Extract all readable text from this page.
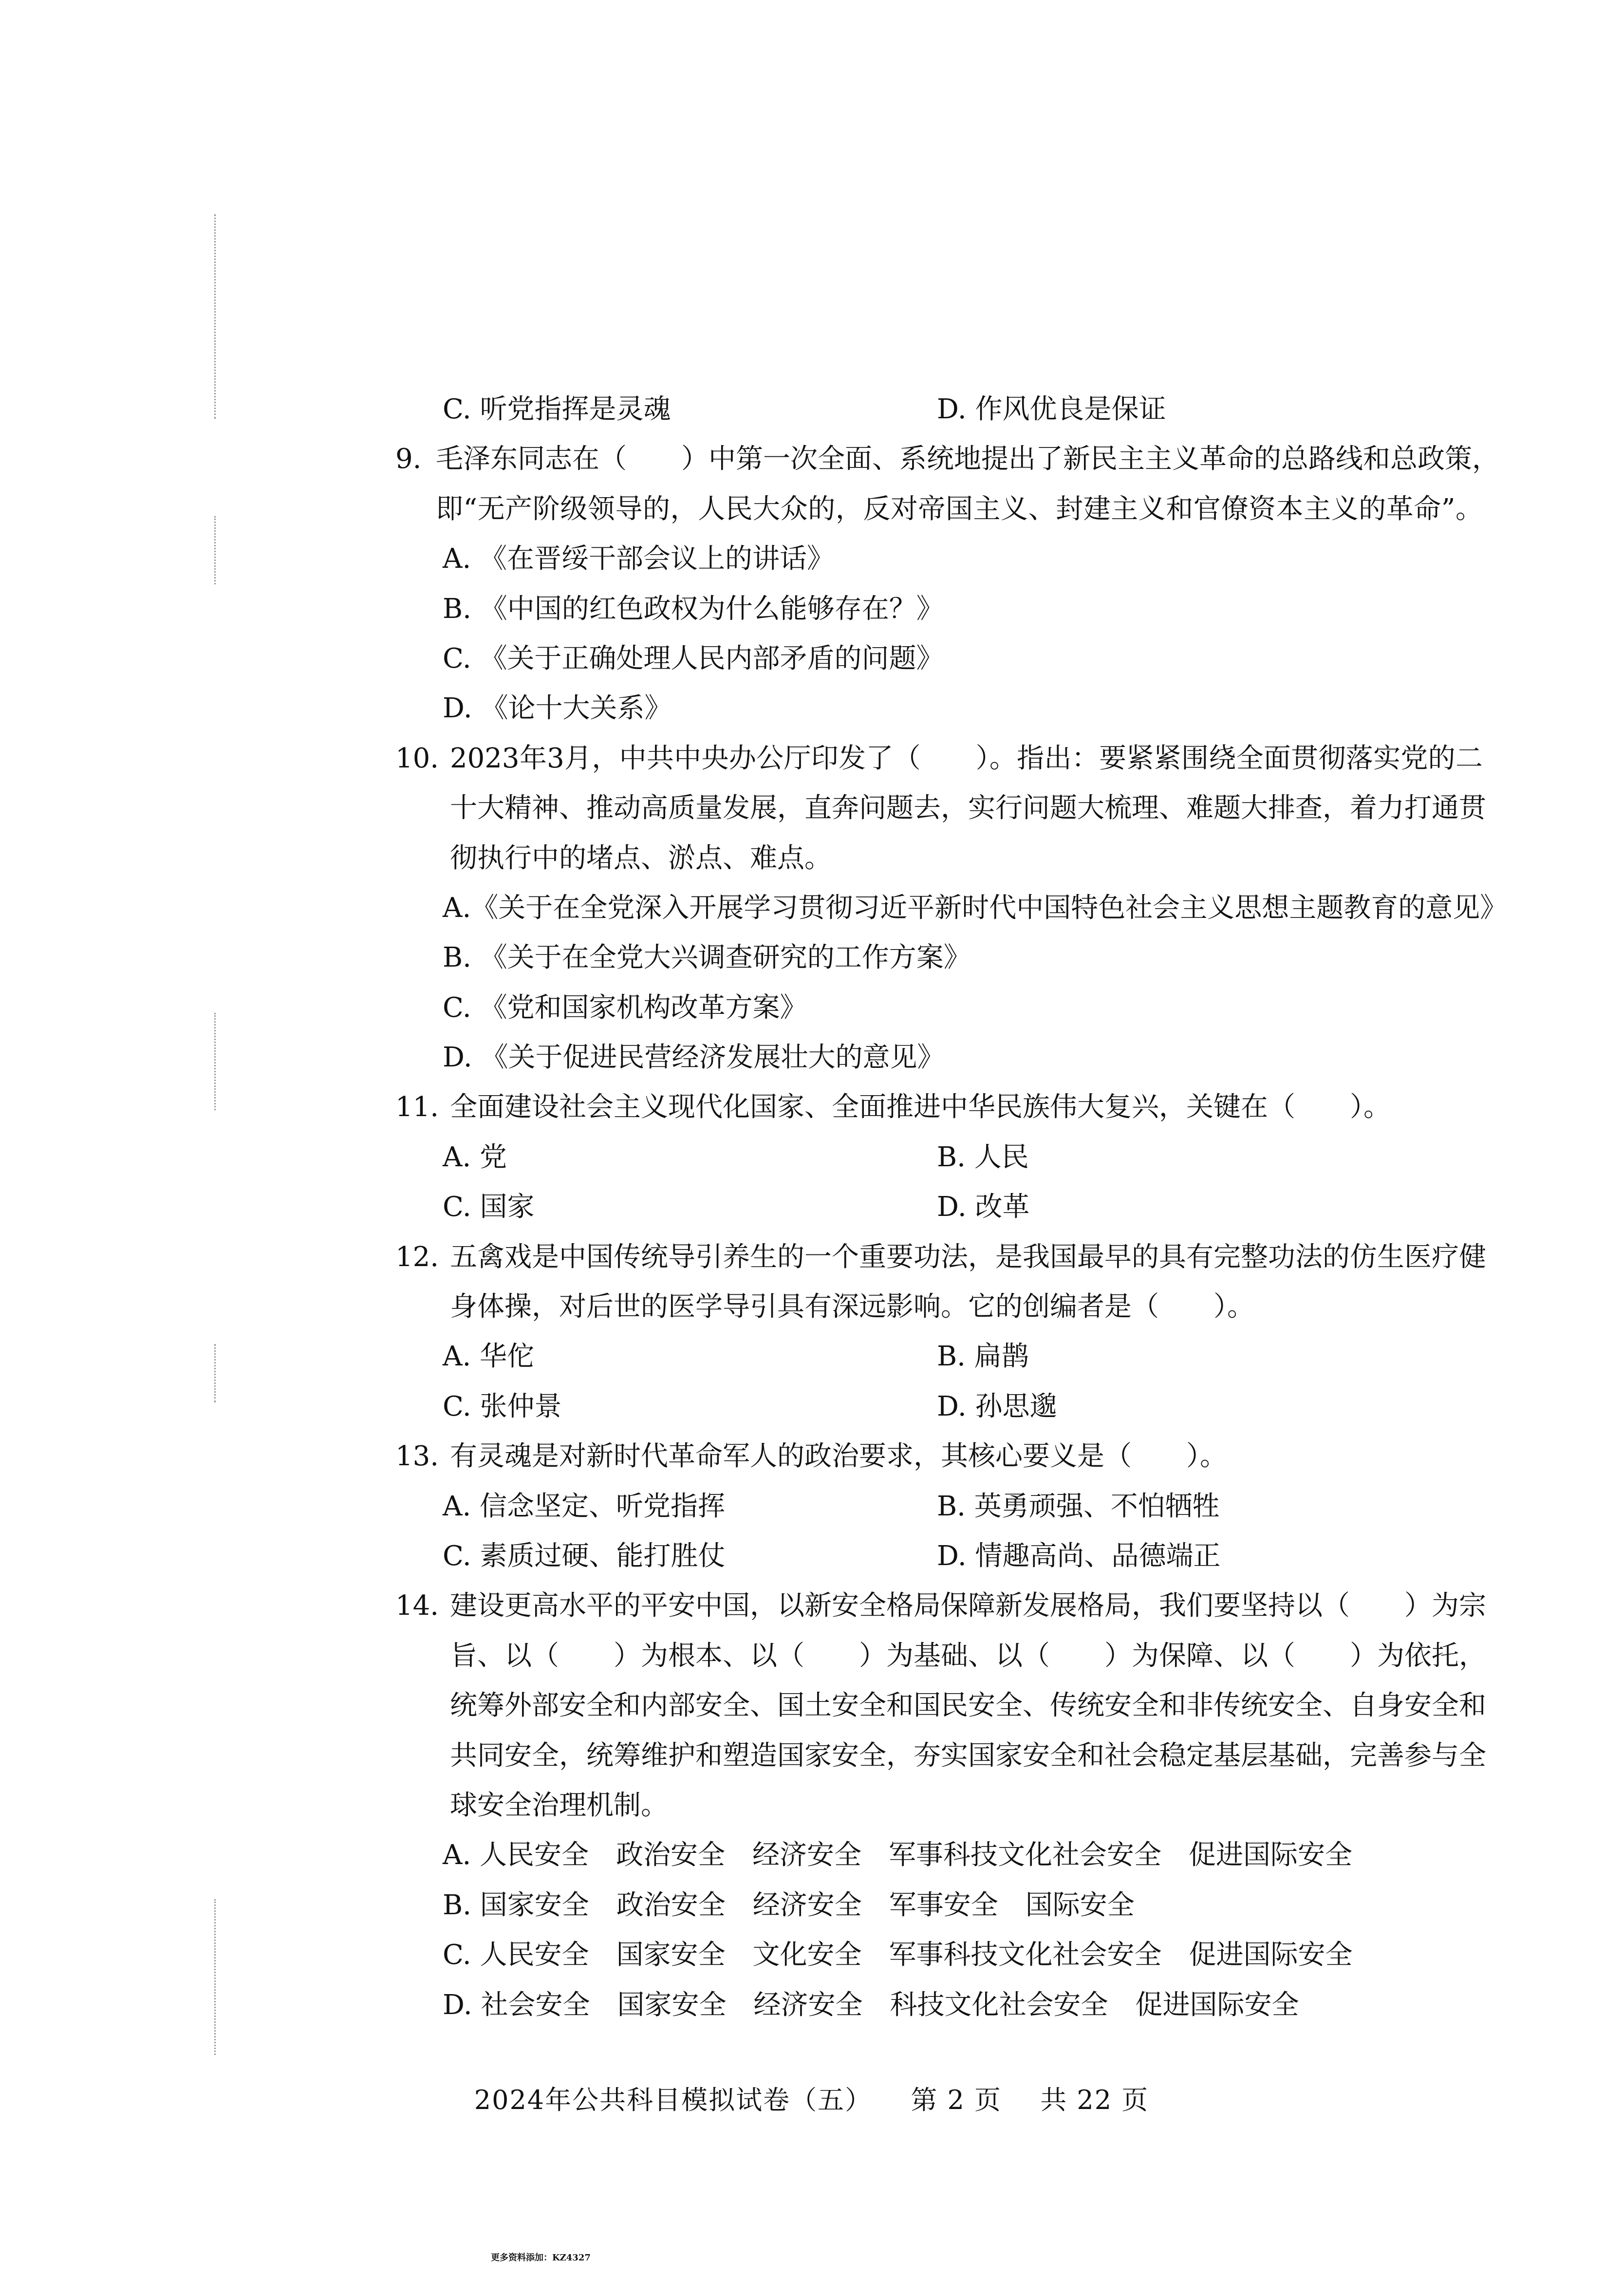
C. 听党指挥是灵魂	D. 作风优良是保证
9. 毛泽东同志在（　　）中第一次全面、系统地提出了新民主主义革命的总路线和总政策，
即“无产阶级领导的，人民大众的，反对帝国主义、封建主义和官僚资本主义的革命”。
A. 《在晋绥干部会议上的讲话》
B. 《中国的红色政权为什么能够存在？》
C. 《关于正确处理人民内部矛盾的问题》
D. 《论十大关系》
10. 2023年3月，中共中央办公厅印发了（　　）。指出：要紧紧围绕全面贯彻落实党的二
十大精神、推动高质量发展，直奔问题去，实行问题大梳理、难题大排查，着力打通贯
彻执行中的堵点、淤点、难点。
A.《关于在全党深入开展学习贯彻习近平新时代中国特色社会主义思想主题教育的意见》
B. 《关于在全党大兴调查研究的工作方案》
C. 《党和国家机构改革方案》
D. 《关于促进民营经济发展壮大的意见》
11. 全面建设社会主义现代化国家、全面推进中华民族伟大复兴，关键在（　　）。
A. 党	B. 人民
C. 国家	D. 改革
12. 五禽戏是中国传统导引养生的一个重要功法，是我国最早的具有完整功法的仿生医疗健
身体操，对后世的医学导引具有深远影响。它的创编者是（　　）。
A. 华佗	B. 扁鹊
C. 张仲景	D. 孙思邈
13. 有灵魂是对新时代革命军人的政治要求，其核心要义是（　　）。
A. 信念坚定、听党指挥	B. 英勇顽强、不怕牺牲
C. 素质过硬、能打胜仗	D. 情趣高尚、品德端正
14. 建设更高水平的平安中国，以新安全格局保障新发展格局，我们要坚持以（　　）为宗
旨、以（　　）为根本、以（　　）为基础、以（　　）为保障、以（　　）为依托，
统筹外部安全和内部安全、国土安全和国民安全、传统安全和非传统安全、自身安全和
共同安全，统筹维护和塑造国家安全，夯实国家安全和社会稳定基层基础，完善参与全
球安全治理机制。
A. 人民安全　政治安全　经济安全　军事科技文化社会安全　促进国际安全
B. 国家安全　政治安全　经济安全　军事安全　国际安全
C. 人民安全　国家安全　文化安全　军事科技文化社会安全　促进国际安全
D. 社会安全　国家安全　经济安全　科技文化社会安全　促进国际安全
2024年公共科目模拟试卷（五） 第 2 页 共 22 页
更多资料添加：KZ4327
